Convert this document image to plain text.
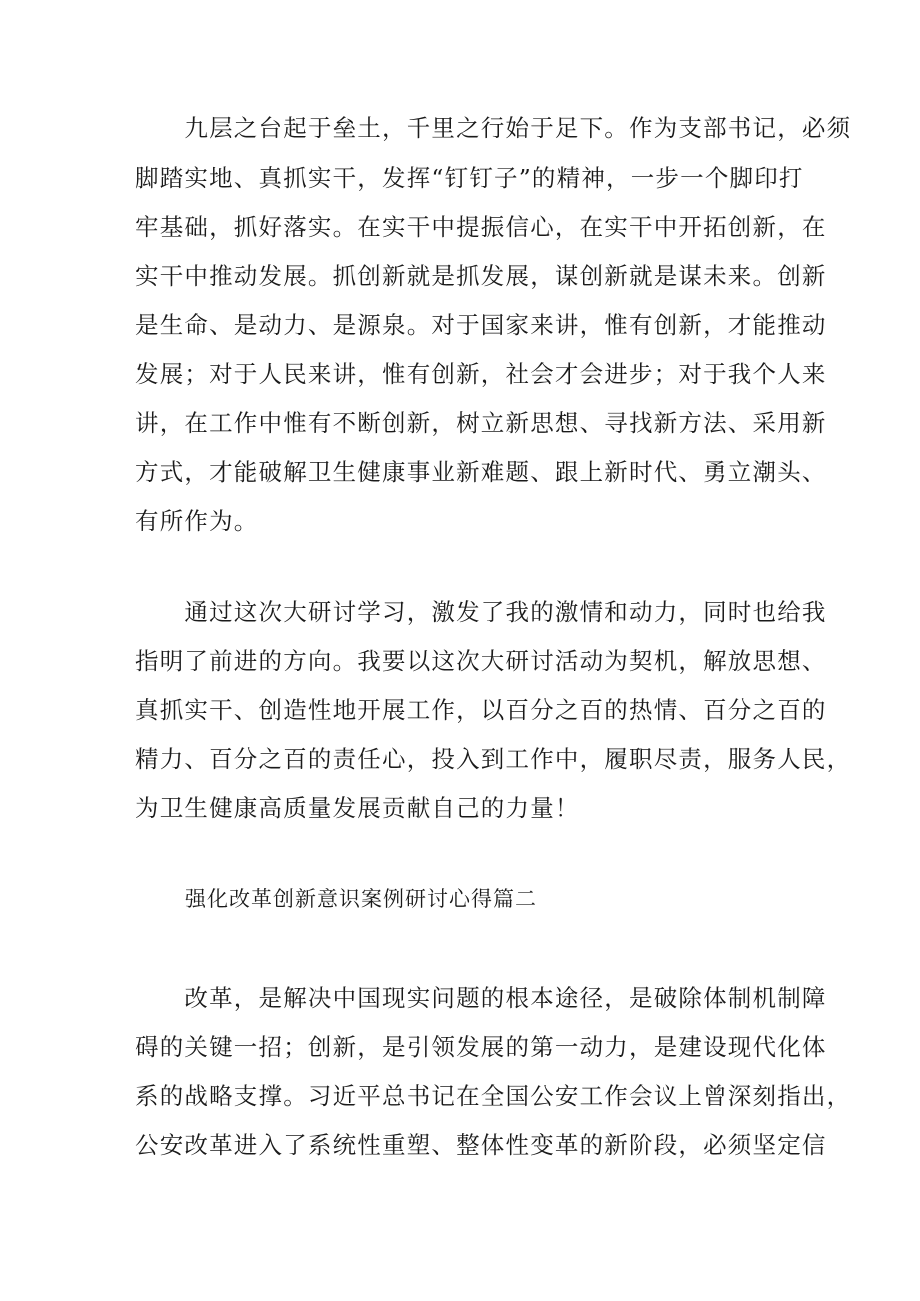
　　九层之台起于垒土，千里之行始于足下。作为支部书记，必须
脚踏实地、真抓实干，发挥“钉钉子”的精神，一步一个脚印打
牢基础，抓好落实。在实干中提振信心，在实干中开拓创新，在
实干中推动发展。抓创新就是抓发展，谋创新就是谋未来。创新
是生命、是动力、是源泉。对于国家来讲，惟有创新，才能推动
发展；对于人民来讲，惟有创新，社会才会进步；对于我个人来
讲，在工作中惟有不断创新，树立新思想、寻找新方法、采用新
方式，才能破解卫生健康事业新难题、跟上新时代、勇立潮头、
有所作为。
　　通过这次大研讨学习，激发了我的激情和动力，同时也给我
指明了前进的方向。我要以这次大研讨活动为契机，解放思想、
真抓实干、创造性地开展工作，以百分之百的热情、百分之百的
精力、百分之百的责任心，投入到工作中，履职尽责，服务人民，
为卫生健康高质量发展贡献自己的力量！
强化改革创新意识案例研讨心得篇二
　　改革，是解决中国现实问题的根本途径，是破除体制机制障
碍的关键一招；创新，是引领发展的第一动力，是建设现代化体
系的战略支撑。习近平总书记在全国公安工作会议上曾深刻指出，
公安改革进入了系统性重塑、整体性变革的新阶段，必须坚定信
